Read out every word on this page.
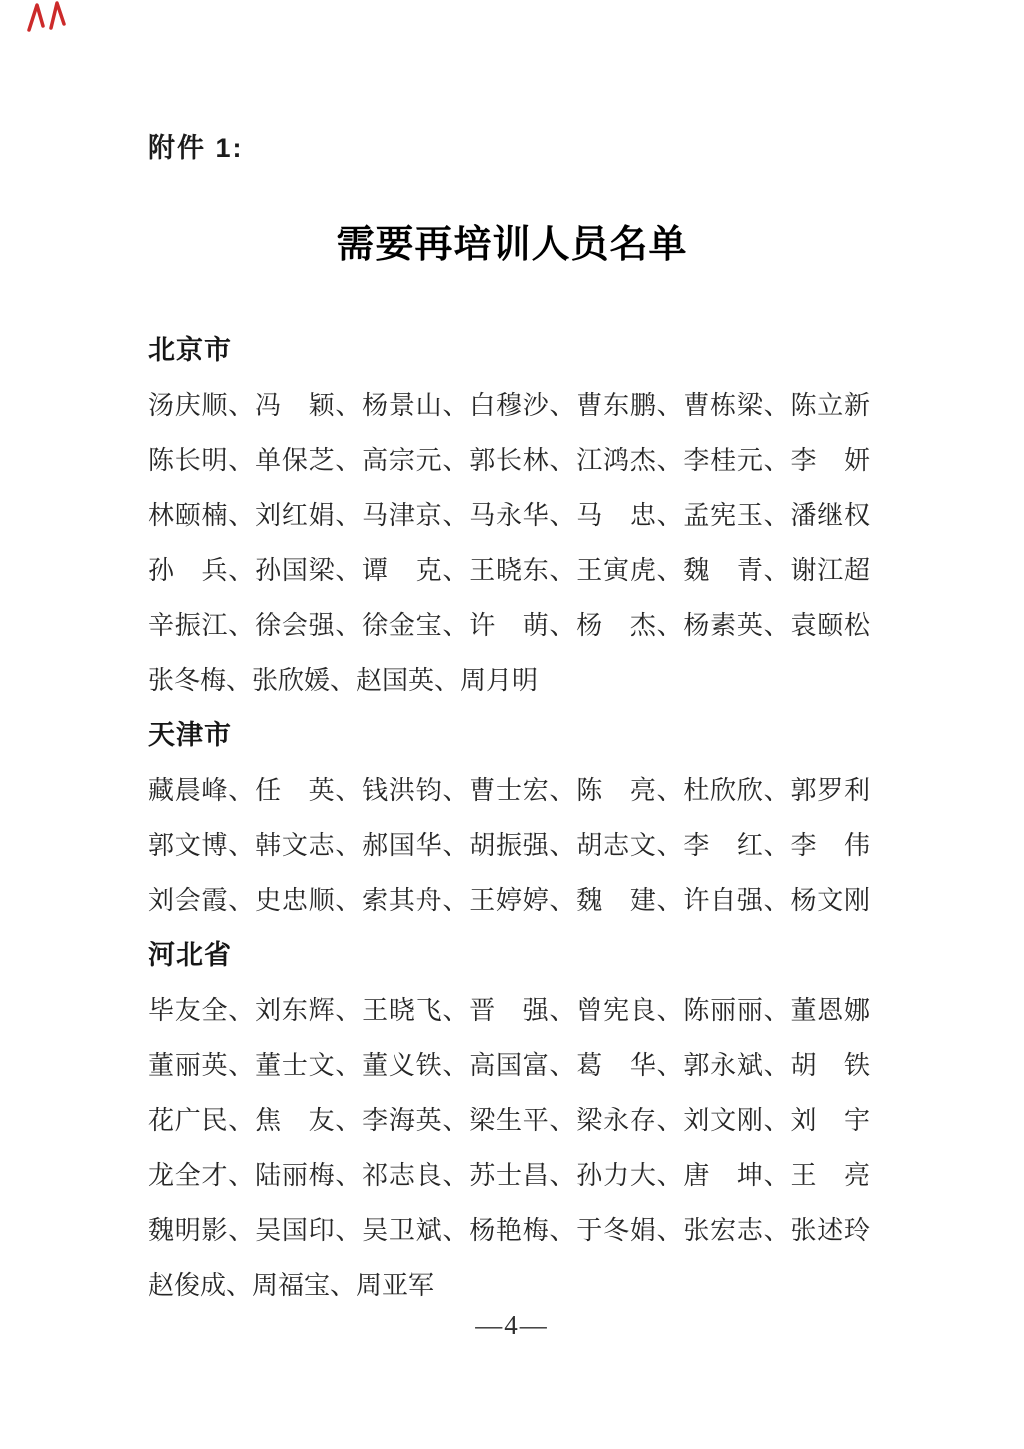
附件 1:
需要再培训人员名单
北京市
汤庆顺、冯　颖、杨景山、白穆沙、曹东鹏、曹栋梁、陈立新
陈长明、单保芝、高宗元、郭长林、江鸿杰、李桂元、李　妍
林颐楠、刘红娟、马津京、马永华、马　忠、孟宪玉、潘继权
孙　兵、孙国梁、谭　克、王晓东、王寅虎、魏　青、谢江超
辛振江、徐会强、徐金宝、许　萌、杨　杰、杨素英、袁颐松
张冬梅、张欣媛、赵国英、周月明
天津市
藏晨峰、任　英、钱洪钧、曹士宏、陈　亮、杜欣欣、郭罗利
郭文博、韩文志、郝国华、胡振强、胡志文、李　红、李　伟
刘会霞、史忠顺、索其舟、王婷婷、魏　建、许自强、杨文刚
河北省
毕友全、刘东辉、王晓飞、晋　强、曾宪良、陈丽丽、董恩娜
董丽英、董士文、董义铁、高国富、葛　华、郭永斌、胡　铁
花广民、焦　友、李海英、梁生平、梁永存、刘文刚、刘　宇
龙全才、陆丽梅、祁志良、苏士昌、孙力大、唐　坤、王　亮
魏明影、吴国印、吴卫斌、杨艳梅、于冬娟、张宏志、张述玲
赵俊成、周福宝、周亚军
—4—
